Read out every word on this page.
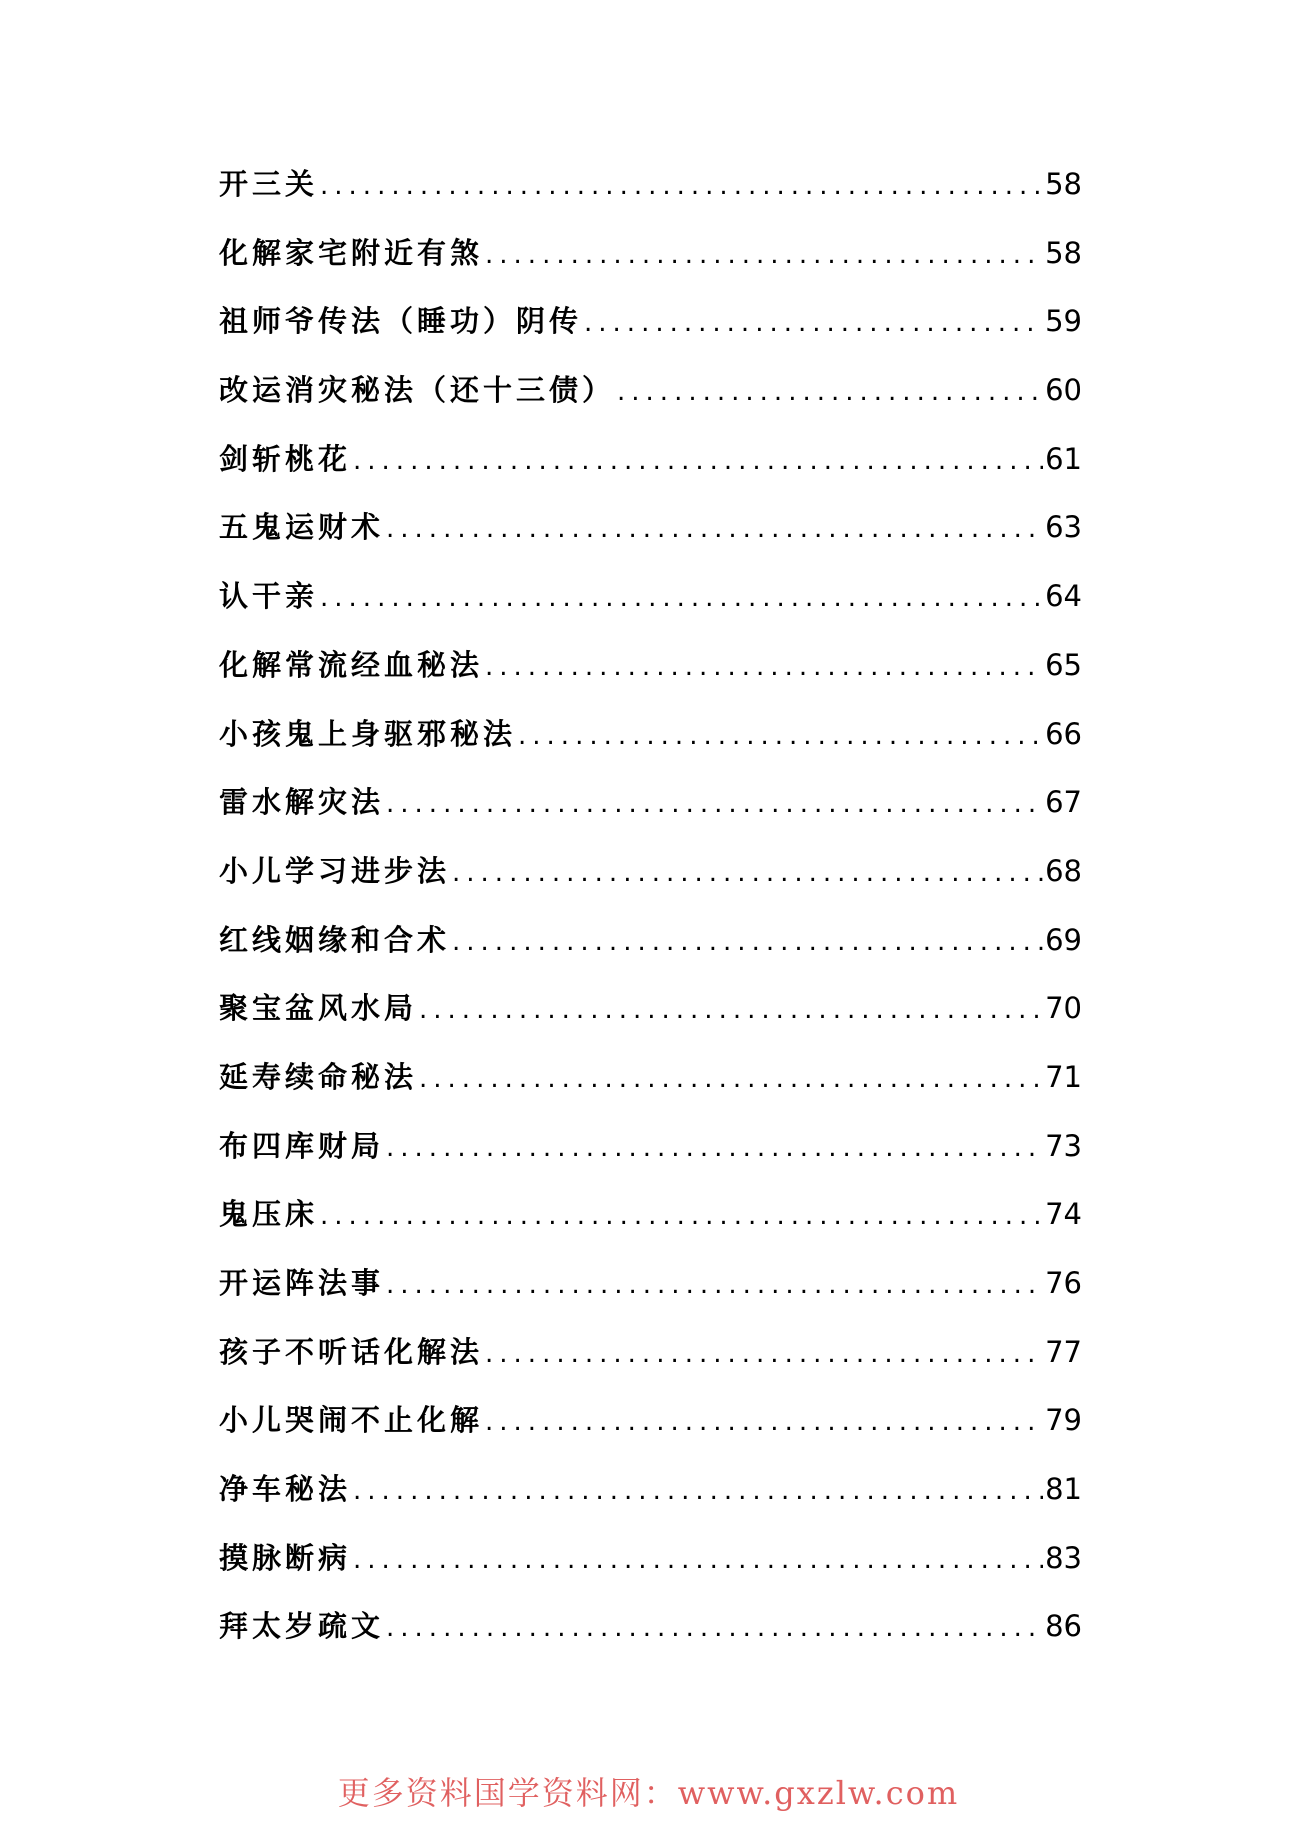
开三关 .....	58
化解家宅附近有煞 .....	58
祖师爷传法（睡功）阴传 .....	59
改运消灾秘法（还十三债） .....	60
剑斩桃花 .....	61
五鬼运财术 .....	63
认干亲 .....	64
化解常流经血秘法 .....	65
小孩鬼上身驱邪秘法 .....	66
雷水解灾法 .....	67
小儿学习进步法 .....	68
红线姻缘和合术 .....	69
聚宝盆风水局 .....	70
延寿续命秘法 .....	71
布四库财局 .....	73
鬼压床 .....	74
开运阵法事 .....	76
孩子不听话化解法 .....	77
小儿哭闹不止化解 .....	79
净车秘法 .....	81
摸脉断病 .....	83
拜太岁疏文 .....	86
更多资料国学资料网：www.gxzlw.com
